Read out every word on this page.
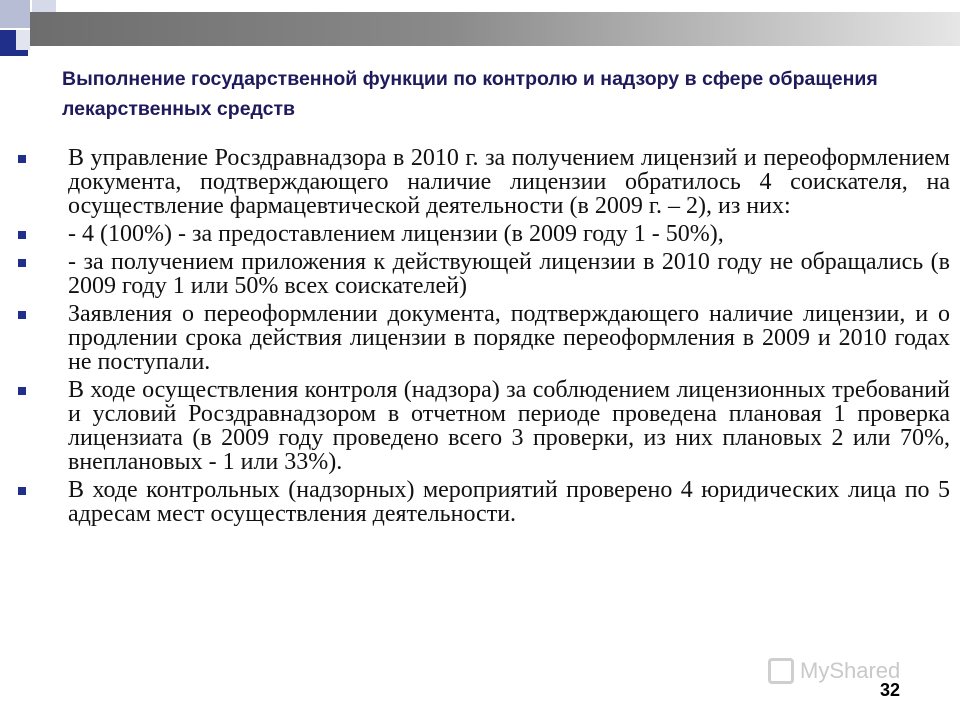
Выполнение государственной функции по контролю и надзору в сфере обращения лекарственных средств
В управление Росздравнадзора в 2010 г. за получением лицензий и переоформлением документа, подтверждающего наличие лицензии обратилось 4 соискателя, на осуществление фармацевтической деятельности (в 2009 г. – 2), из них:
- 4 (100%) - за предоставлением лицензии (в 2009 году 1 - 50%),
- за получением приложения к действующей лицензии в 2010 году не обращались (в 2009 году 1 или 50% всех соискателей)
Заявления о переоформлении документа, подтверждающего наличие лицензии, и о продлении срока действия лицензии в порядке переоформления в 2009 и 2010 годах не поступали.
В ходе осуществления контроля (надзора) за соблюдением лицензионных требований и условий Росздравнадзором в отчетном периоде проведена плановая 1 проверка лицензиата (в 2009 году проведено всего 3 проверки, из них плановых 2 или 70%, внеплановых - 1 или 33%).
В ходе контрольных (надзорных) мероприятий проверено 4 юридических лица по 5 адресам мест осуществления деятельности.
MyShared
32
